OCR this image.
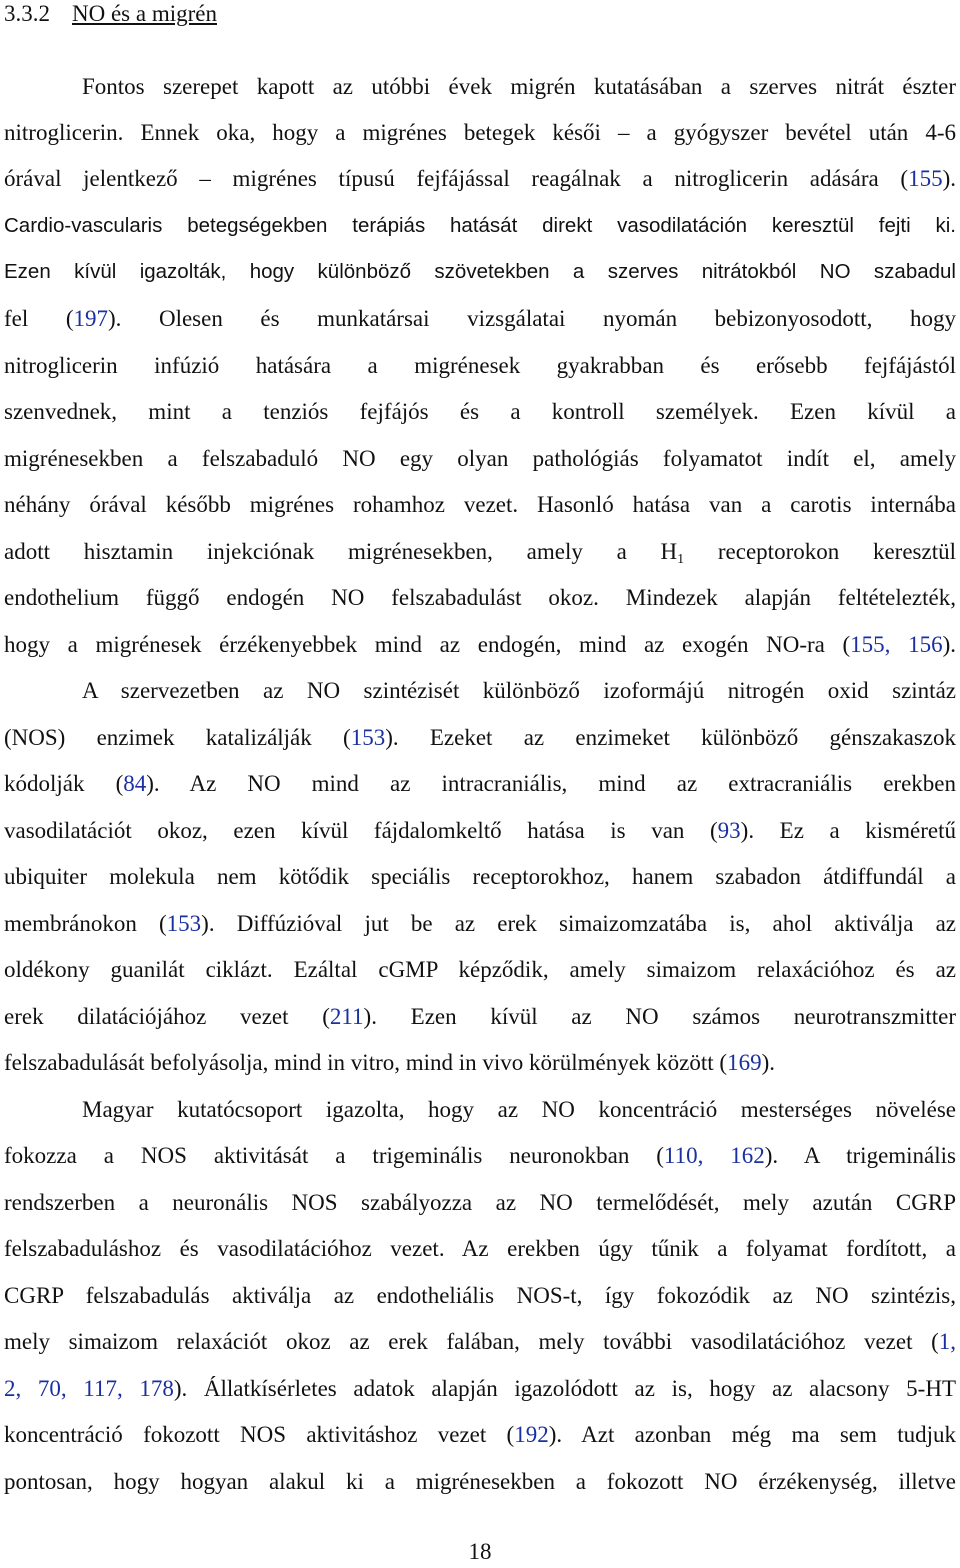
3.3.2 NO és a migrén
Fontos szerepet kapott az utóbbi évek migrén kutatásában a szerves nitrát észter
nitroglicerin. Ennek oka, hogy a migrénes betegek késői – a gyógyszer bevétel után 4-6
órával jelentkező – migrénes típusú fejfájással reagálnak a nitroglicerin adására (155).
Cardio-vascularis betegségekben terápiás hatását direkt vasodilatáción keresztül fejti ki.
Ezen kívül igazolták, hogy különböző szövetekben a szerves nitrátokból NO szabadul
fel (197). Olesen és munkatársai vizsgálatai nyomán bebizonyosodott, hogy
nitroglicerin infúzió hatására a migrénesek gyakrabban és erősebb fejfájástól
szenvednek, mint a tenziós fejfájós és a kontroll személyek. Ezen kívül a
migrénesekben a felszabaduló NO egy olyan pathológiás folyamatot indít el, amely
néhány órával később migrénes rohamhoz vezet. Hasonló hatása van a carotis internába
adott hisztamin injekciónak migrénesekben, amely a $H_1$ receptorokon keresztül
endothelium függő endogén NO felszabadulást okoz. Mindezek alapján feltételezték,
hogy a migrénesek érzékenyebbek mind az endogén, mind az exogén NO-ra (155, 156).
A szervezetben az NO szintézisét különböző izoformájú nitrogén oxid szintáz
(NOS) enzimek katalizálják (153). Ezeket az enzimeket különböző génszakaszok
kódolják (84). Az NO mind az intracraniális, mind az extracraniális erekben
vasodilatációt okoz, ezen kívül fájdalomkeltő hatása is van (93). Ez a kisméretű
ubiquiter molekula nem kötődik speciális receptorokhoz, hanem szabadon átdiffundál a
membránokon (153). Diffúzióval jut be az erek simaizomzatába is, ahol aktiválja az
oldékony guanilát ciklázt. Ezáltal cGMP képződik, amely simaizom relaxációhoz és az
erek dilatációjához vezet (211). Ezen kívül az NO számos neurotranszmitter
felszabadulását befolyásolja, mind in vitro, mind in vivo körülmények között (169).
Magyar kutatócsoport igazolta, hogy az NO koncentráció mesterséges növelése
fokozza a NOS aktivitását a trigeminális neuronokban (110, 162). A trigeminális
rendszerben a neuronális NOS szabályozza az NO termelődését, mely azután CGRP
felszabaduláshoz és vasodilatációhoz vezet. Az erekben úgy tűnik a folyamat fordított, a
CGRP felszabadulás aktiválja az endotheliális NOS-t, így fokozódik az NO szintézis,
mely simaizom relaxációt okoz az erek falában, mely további vasodilatációhoz vezet (1,
2, 70, 117, 178). Állatkísérletes adatok alapján igazolódott az is, hogy az alacsony 5-HT
koncentráció fokozott NOS aktivitáshoz vezet (192). Azt azonban még ma sem tudjuk
pontosan, hogy hogyan alakul ki a migrénesekben a fokozott NO érzékenység, illetve
18
